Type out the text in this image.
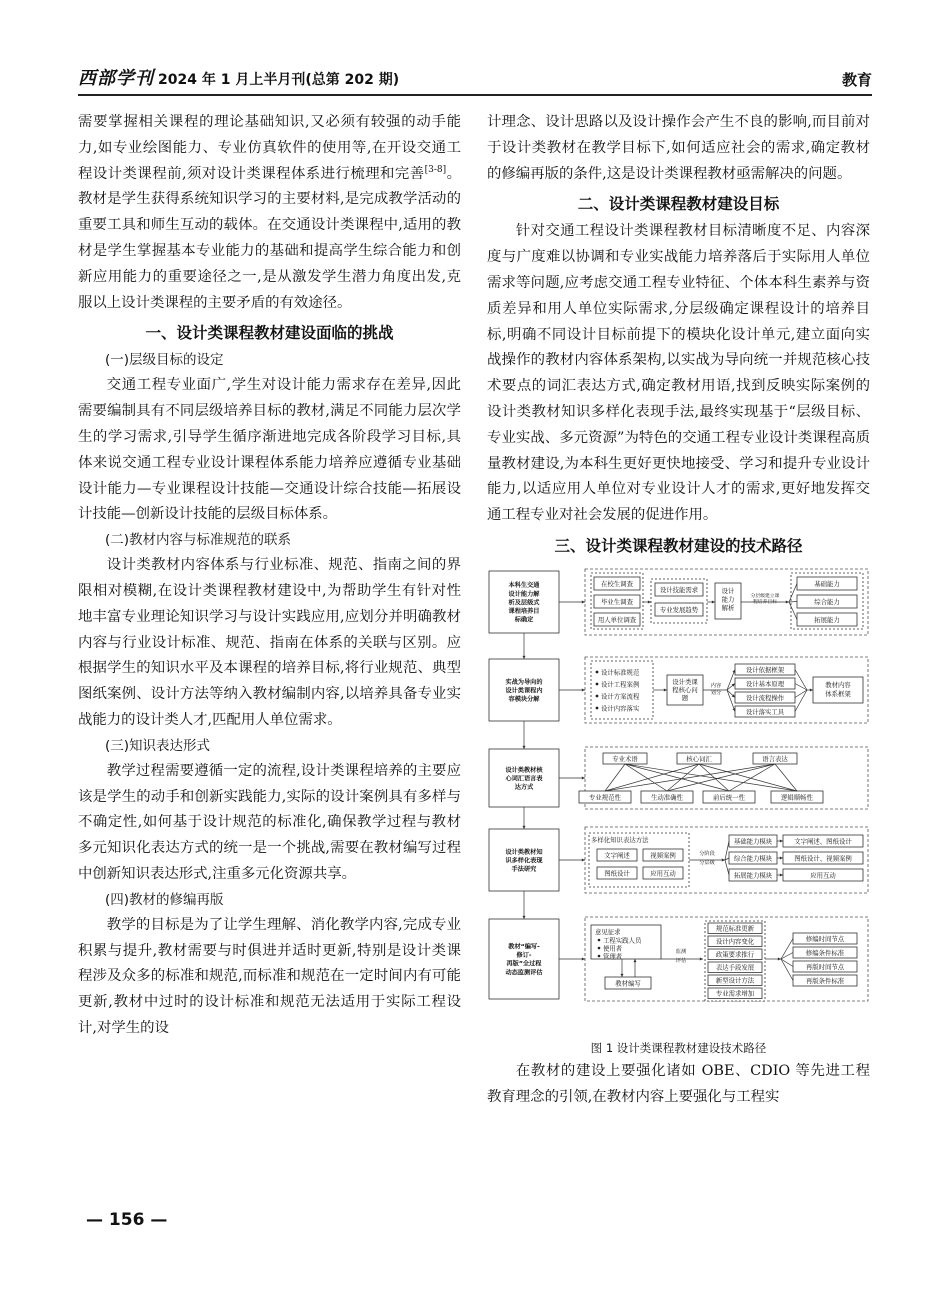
西部学刊 2024 年 1 月上半月刊(总第 202 期)	教育

需要掌握相关课程的理论基础知识,又必须有较强的动手能力,如专业绘图能力、专业仿真软件的使用等,在开设交通工程设计类课程前,须对设计类课程体系进行梳理和完善[3-8]。教材是学生获得系统知识学习的主要材料,是完成教学活动的重要工具和师生互动的载体。在交通设计类课程中,适用的教材是学生掌握基本专业能力的基础和提高学生综合能力和创新应用能力的重要途径之一,是从激发学生潜力角度出发,克服以上设计类课程的主要矛盾的有效途径。

一、设计类课程教材建设面临的挑战
(一)层级目标的设定

交通工程专业面广,学生对设计能力需求存在差异,因此需要编制具有不同层级培养目标的教材,满足不同能力层次学生的学习需求,引导学生循序渐进地完成各阶段学习目标,具体来说交通工程专业设计课程体系能力培养应遵循专业基础设计能力—专业课程设计技能—交通设计综合技能—拓展设计技能—创新设计技能的层级目标体系。

(二)教材内容与标准规范的联系

设计类教材内容体系与行业标准、规范、指南之间的界限相对模糊,在设计类课程教材建设中,为帮助学生有针对性地丰富专业理论知识学习与设计实践应用,应划分并明确教材内容与行业设计标准、规范、指南在体系的关联与区别。应根据学生的知识水平及本课程的培养目标,将行业规范、典型图纸案例、设计方法等纳入教材编制内容,以培养具备专业实战能力的设计类人才,匹配用人单位需求。

(三)知识表达形式

教学过程需要遵循一定的流程,设计类课程培养的主要应该是学生的动手和创新实践能力,实际的设计案例具有多样与不确定性,如何基于设计规范的标准化,确保教学过程与教材多元知识化表达方式的统一是一个挑战,需要在教材编写过程中创新知识表达形式,注重多元化资源共享。

(四)教材的修编再版

教学的目标是为了让学生理解、消化教学内容,完成专业积累与提升,教材需要与时俱进并适时更新,特别是设计类课程涉及众多的标准和规范,而标准和规范在一定时间内有可能更新,教材中过时的设计标准和规范无法适用于实际工程设计,对学生的设

计理念、设计思路以及设计操作会产生不良的影响,而目前对于设计类教材在教学目标下,如何适应社会的需求,确定教材的修编再版的条件,这是设计类课程教材亟需解决的问题。

二、设计类课程教材建设目标

针对交通工程设计类课程教材目标清晰度不足、内容深度与广度难以协调和专业实战能力培养落后于实际用人单位需求等问题,应考虑交通工程专业特征、个体本科生素养与资质差异和用人单位实际需求,分层级确定课程设计的培养目标,明确不同设计目标前提下的模块化设计单元,建立面向实战操作的教材内容体系架构,以实战为导向统一并规范核心技术要点的词汇表达方式,确定教材用语,找到反映实际案例的设计类教材知识多样化表现手法,最终实现基于“层级目标、专业实战、多元资源”为特色的交通工程专业设计类课程高质量教材建设,为本科生更好更快地接受、学习和提升专业设计能力,以适应用人单位对专业设计人才的需求,更好地发挥交通工程专业对社会发展的促进作用。

三、设计类课程教材建设的技术路径
本科生交通
设计能力解
析及层级式
课程培养目
标确定
实战为导向的
设计类课程内
容模块分解
设计类教材核
心词汇语言表
达方式
设计类教材知
识多样化表现
手法研究
教材“编写-
修订-
再版”全过程
动态监测评估
在校生调查
毕业生调查
用人单位调查
设计技能需求
专业发展趋势
设计
能力
解析
分层级建立课
程培养目标
基础能力
综合能力
拓展能力
设计标准规范
设计工程案例
设计方案流程
设计内容落实
设计类课
程核心问
题
内容
划分
设计依据框架
设计基本原理
设计流程操作
设计落实工具
教材内容
体系框架
专业术语	核心词汇	语言表达
专业规范性	生动准确性	前后统一性	逻辑顺畅性
多样化知识表达方法
文字阐述	视频案例
图纸设计	应用互动
分阶段
分层级
基础能力模块
综合能力模块
拓展能力模块
文字阐述、图纸设计
图纸设计、视频案例
应用互动
意见征求
工程实践人员
使用者
管理者
教材编写
监测
评估
规范标准更新
设计内容变化
政策要求推行
表达手段发展
新型设计方法
专业需求增加
修编时间节点
修编条件标准
再版时间节点
再版条件标准
图 1 设计类课程教材建设技术路径

在教材的建设上要强化诸如 OBE、CDIO 等先进工程教育理念的引领,在教材内容上要强化与工程实

— 156 —
